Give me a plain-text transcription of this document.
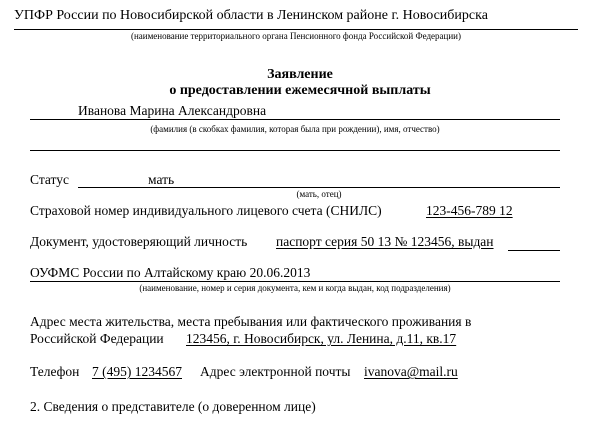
УПФР России по Новосибирской области в Ленинском районе г. Новосибирска
(наименование территориального органа Пенсионного фонда Российской Федерации)
Заявление
о предоставлении ежемесячной выплаты
Иванова Марина Александровна
(фамилия (в скобках фамилия, которая была при рождении), имя, отчество)
Статус	мать
(мать, отец)
Страховой номер индивидуального лицевого счета (СНИЛС)	123-456-789 12
Документ, удостоверяющий личность паспорт серия 50 13 № 123456, выдан
ОУФМС России по Алтайскому краю 20.06.2013
(наименование, номер и серия документа, кем и когда выдан, код подразделения)
Адрес места жительства, места пребывания или фактического проживания в
Российской Федерации 123456, г. Новосибирск, ул. Ленина, д.11, кв.17
Телефон 7 (495) 1234567 Адрес электронной почты ivanova@mail.ru
2. Сведения о представителе (о доверенном лице)
